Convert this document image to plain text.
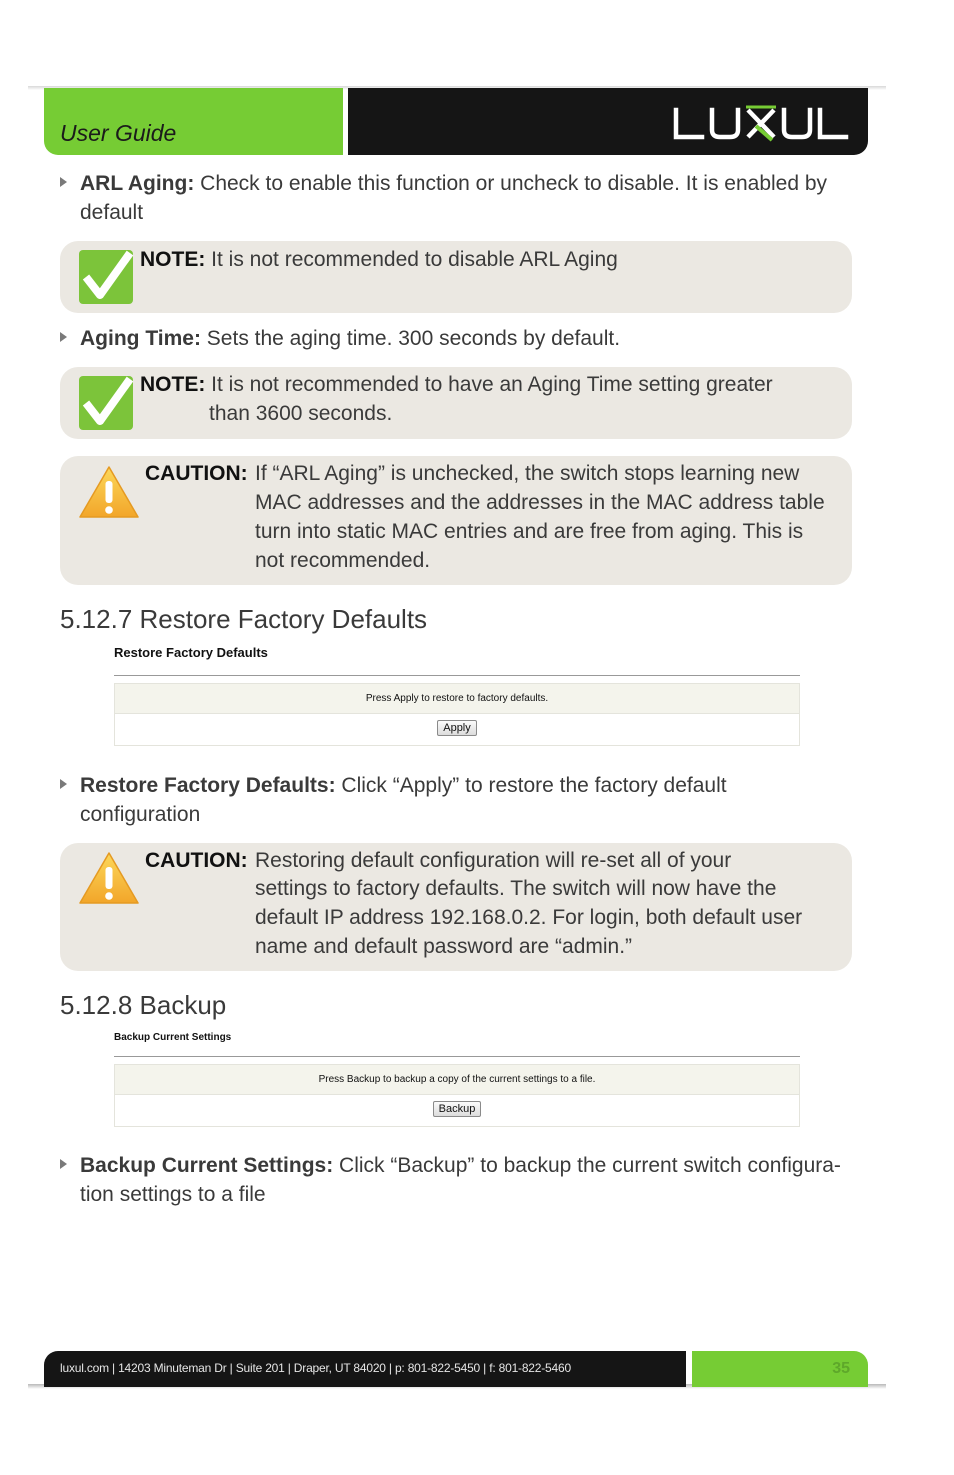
User Guide
ARL Aging: Check to enable this function or uncheck to disable. It is enabled by default
NOTE: It is not recommended to disable ARL Aging
Aging Time: Sets the aging time. 300 seconds by default.
NOTE: It is not recommended to have an Aging Time setting greater
than 3600 seconds.
CAUTION: If “ARL Aging” is unchecked, the switch stops learning new
MAC addresses and the addresses in the MAC address table
turn into static MAC entries and are free from aging. This is
not recommended.
5.12.7 Restore Factory Defaults
Restore Factory Defaults
Press Apply to restore to factory defaults.
Apply
Restore Factory Defaults: Click “Apply” to restore the factory default configuration
CAUTION: Restoring default configuration will re-set all of your
settings to factory defaults. The switch will now have the
default IP address 192.168.0.2. For login, both default user
name and default password are “admin.”
5.12.8 Backup
Backup Current Settings
Press Backup to backup a copy of the current settings to a file.
Backup
Backup Current Settings: Click “Backup” to backup the current switch configura-tion settings to a file
luxul.com | 14203 Minuteman Dr | Suite 201 | Draper, UT 84020 | p: 801-822-5450 | f: 801-822-5460	35
